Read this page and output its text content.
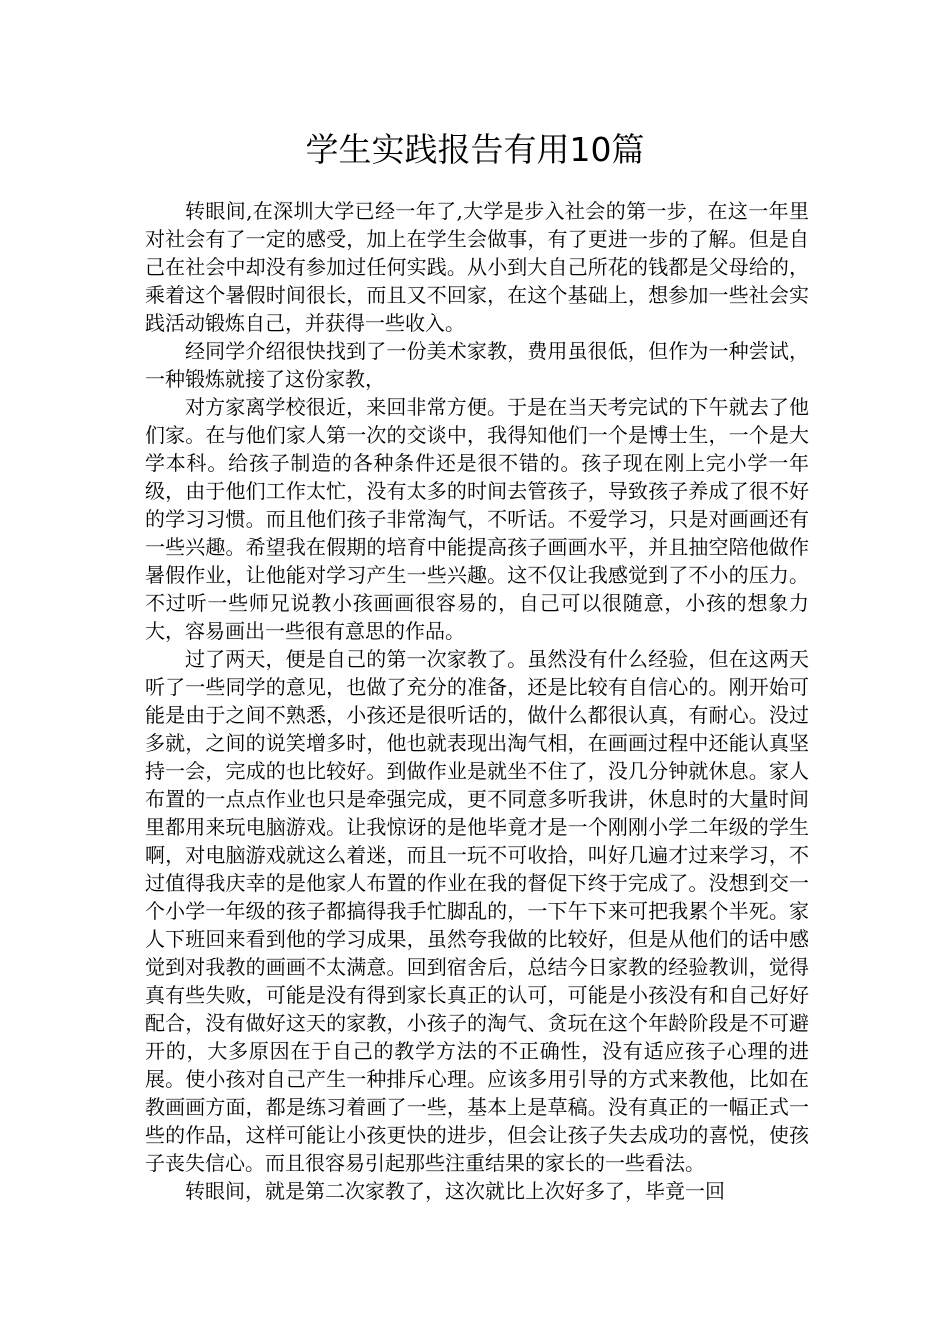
学生实践报告有用10篇

转眼间,在深圳大学已经一年了,大学是步入社会的第一步，在这一年里对社会有了一定的感受，加上在学生会做事，有了更进一步的了解。但是自己在社会中却没有参加过任何实践。从小到大自己所花的钱都是父母给的，乘着这个暑假时间很长，而且又不回家，在这个基础上，想参加一些社会实践活动锻炼自己，并获得一些收入。

经同学介绍很快找到了一份美术家教，费用虽很低，但作为一种尝试，一种锻炼就接了这份家教，

对方家离学校很近，来回非常方便。于是在当天考完试的下午就去了他们家。在与他们家人第一次的交谈中，我得知他们一个是博士生，一个是大学本科。给孩子制造的各种条件还是很不错的。孩子现在刚上完小学一年级，由于他们工作太忙，没有太多的时间去管孩子，导致孩子养成了很不好的学习习惯。而且他们孩子非常淘气，不听话。不爱学习，只是对画画还有一些兴趣。希望我在假期的培育中能提高孩子画画水平，并且抽空陪他做作暑假作业，让他能对学习产生一些兴趣。这不仅让我感觉到了不小的压力。不过听一些师兄说教小孩画画很容易的，自己可以很随意，小孩的想象力大，容易画出一些很有意思的作品。

过了两天，便是自己的第一次家教了。虽然没有什么经验，但在这两天听了一些同学的意见，也做了充分的准备，还是比较有自信心的。刚开始可能是由于之间不熟悉，小孩还是很听话的，做什么都很认真，有耐心。没过多就，之间的说笑增多时，他也就表现出淘气相，在画画过程中还能认真坚持一会，完成的也比较好。到做作业是就坐不住了，没几分钟就休息。家人布置的一点点作业也只是牵强完成，更不同意多听我讲，休息时的大量时间里都用来玩电脑游戏。让我惊讶的是他毕竟才是一个刚刚小学二年级的学生啊，对电脑游戏就这么着迷，而且一玩不可收拾，叫好几遍才过来学习，不过值得我庆幸的是他家人布置的作业在我的督促下终于完成了。没想到交一个小学一年级的孩子都搞得我手忙脚乱的，一下午下来可把我累个半死。家人下班回来看到他的学习成果，虽然夸我做的比较好，但是从他们的话中感觉到对我教的画画不太满意。回到宿舍后，总结今日家教的经验教训，觉得真有些失败，可能是没有得到家长真正的认可，可能是小孩没有和自己好好配合，没有做好这天的家教，小孩子的淘气、贪玩在这个年龄阶段是不可避开的，大多原因在于自己的教学方法的不正确性，没有适应孩子心理的进展。使小孩对自己产生一种排斥心理。应该多用引导的方式来教他，比如在教画画方面，都是练习着画了一些，基本上是草稿。没有真正的一幅正式一些的作品，这样可能让小孩更快的进步，但会让孩子失去成功的喜悦，使孩子丧失信心。而且很容易引起那些注重结果的家长的一些看法。

转眼间，就是第二次家教了，这次就比上次好多了，毕竟一回
